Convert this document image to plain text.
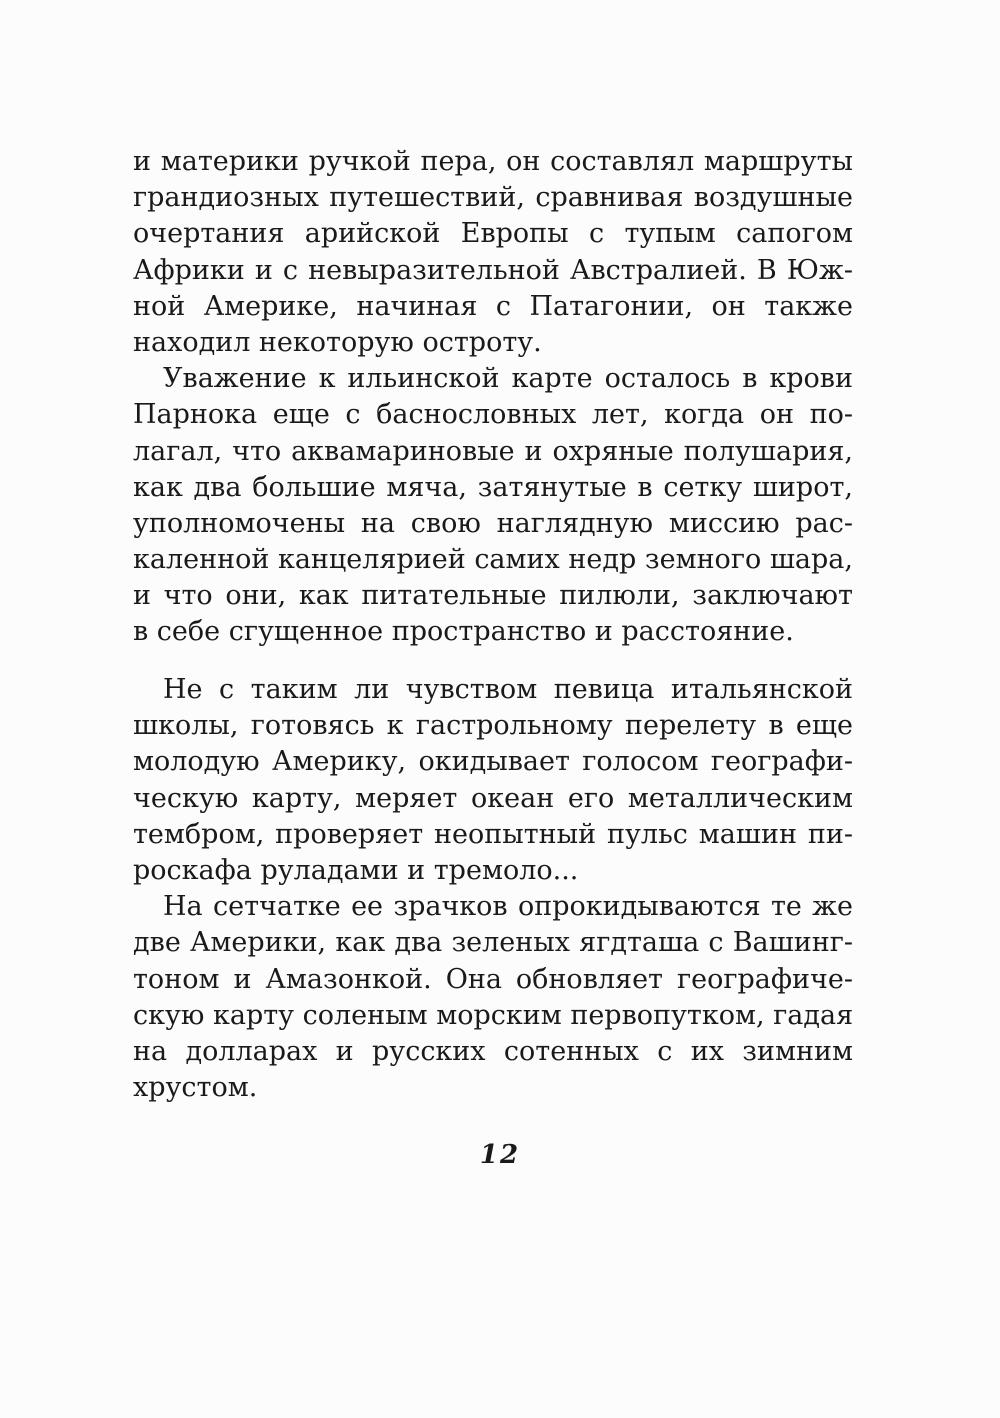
и материки ручкой пера, он составлял маршруты
грандиозных путешествий, сравнивая воздушные
очертания арийской Европы с тупым сапогом
Африки и с невыразительной Австралией. В Юж-
ной Америке, начиная с Патагонии, он также
находил некоторую остроту.

Уважение к ильинской карте осталось в крови
Парнока еще с баснословных лет, когда он по-
лагал, что аквамариновые и охряные полушария,
как два большие мяча, затянутые в сетку широт,
уполномочены на свою наглядную миссию рас-
каленной канцелярией самих недр земного шара,
и что они, как питательные пилюли, заключают
в себе сгущенное пространство и расстояние.

Не с таким ли чувством певица итальянской
школы, готовясь к гастрольному перелету в еще
молодую Америку, окидывает голосом географи-
ческую карту, меряет океан его металлическим
тембром, проверяет неопытный пульс машин пи-
роскафа руладами и тремоло...

На сетчатке ее зрачков опрокидываются те же
две Америки, как два зеленых ягдташа с Вашинг-
тоном и Амазонкой. Она обновляет географиче-
скую карту соленым морским первопутком, гадая
на долларах и русских сотенных с их зимним
хрустом.

12
